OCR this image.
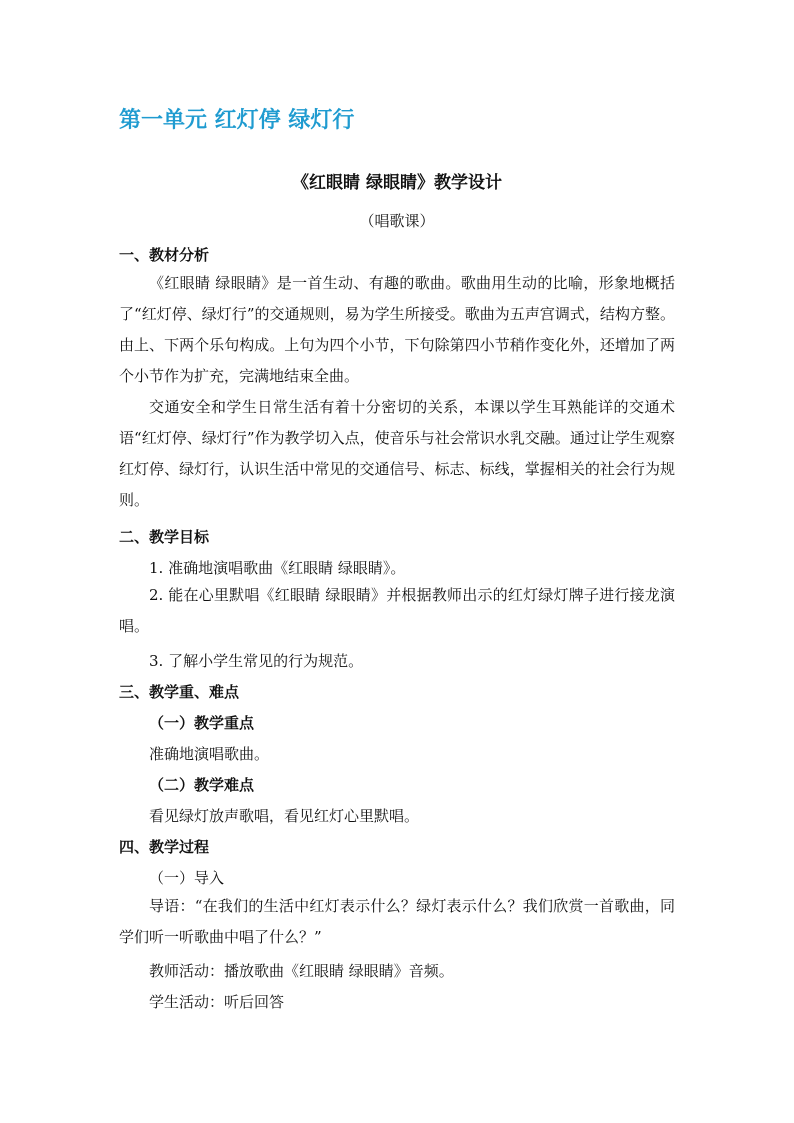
第一单元 红灯停 绿灯行
《红眼睛 绿眼睛》教学设计
（唱歌课）
一、教材分析

《红眼睛 绿眼睛》是一首生动、有趣的歌曲。歌曲用生动的比喻，形象地概括了“红灯停、绿灯行”的交通规则，易为学生所接受。歌曲为五声宫调式，结构方整。由上、下两个乐句构成。上句为四个小节，下句除第四小节稍作变化外，还增加了两个小节作为扩充，完满地结束全曲。

交通安全和学生日常生活有着十分密切的关系，本课以学生耳熟能详的交通术语“红灯停、绿灯行”作为教学切入点，使音乐与社会常识水乳交融。通过让学生观察红灯停、绿灯行，认识生活中常见的交通信号、标志、标线，掌握相关的社会行为规则。

二、教学目标
1. 准确地演唱歌曲《红眼睛 绿眼睛》。

2. 能在心里默唱《红眼睛 绿眼睛》并根据教师出示的红灯绿灯牌子进行接龙演唱。

3. 了解小学生常见的行为规范。
三、教学重、难点
（一）教学重点
准确地演唱歌曲。
（二）教学难点
看见绿灯放声歌唱，看见红灯心里默唱。
四、教学过程
（一）导入

导语：“在我们的生活中红灯表示什么？绿灯表示什么？我们欣赏一首歌曲，同学们听一听歌曲中唱了什么？”

教师活动：播放歌曲《红眼睛 绿眼睛》音频。
学生活动：听后回答
